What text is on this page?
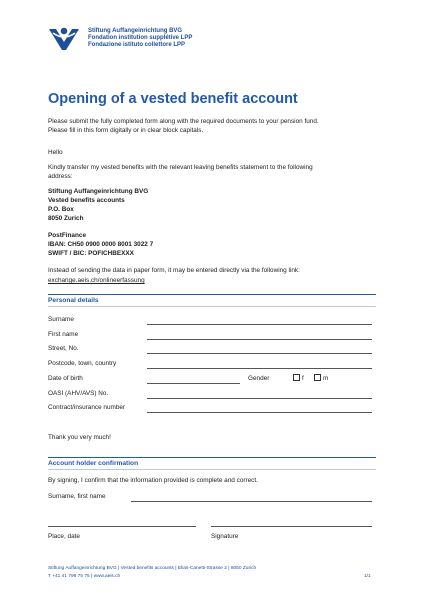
Stiftung Auffangeinrichtung BVG
Fondation institution supplétive LPP
Fondazione istituto collettore LPP
Opening of a vested benefit account
Please submit the fully completed form along with the required documents to your pension fund.
Please fill in this form digitally or in clear block capitals.
Hello
Kindly transfer my vested benefits with the relevant leaving benefits statement to the following
address:
Stiftung Auffangeinrichtung BVG
Vested benefits accounts
P.O. Box
8050 Zurich
PostFinance
IBAN: CH50 0900 0000 8001 3022 7
SWIFT / BIC: POFICHBEXXX
Instead of sending the data in paper form, it may be entered directly via the following link:
exchange.aeis.ch/onlineerfassung
Personal details
Surname
First name
Street, No.
Postcode, town, country
Date of birth	Gender	f	m
OASI (AHV/AVS) No.
Contract/insurance number
Thank you very much!
Account holder confirmation
By signing, I confirm that the information provided is complete and correct.
Surname, first name
Place, date	Signature
Stiftung Auffangeinrichtung BVG | Vested benefits accounts | Elias-Canetti-Strasse 2 | 8050 Zurich
T +41 41 799 75 75 | www.aeis.ch	1/1
